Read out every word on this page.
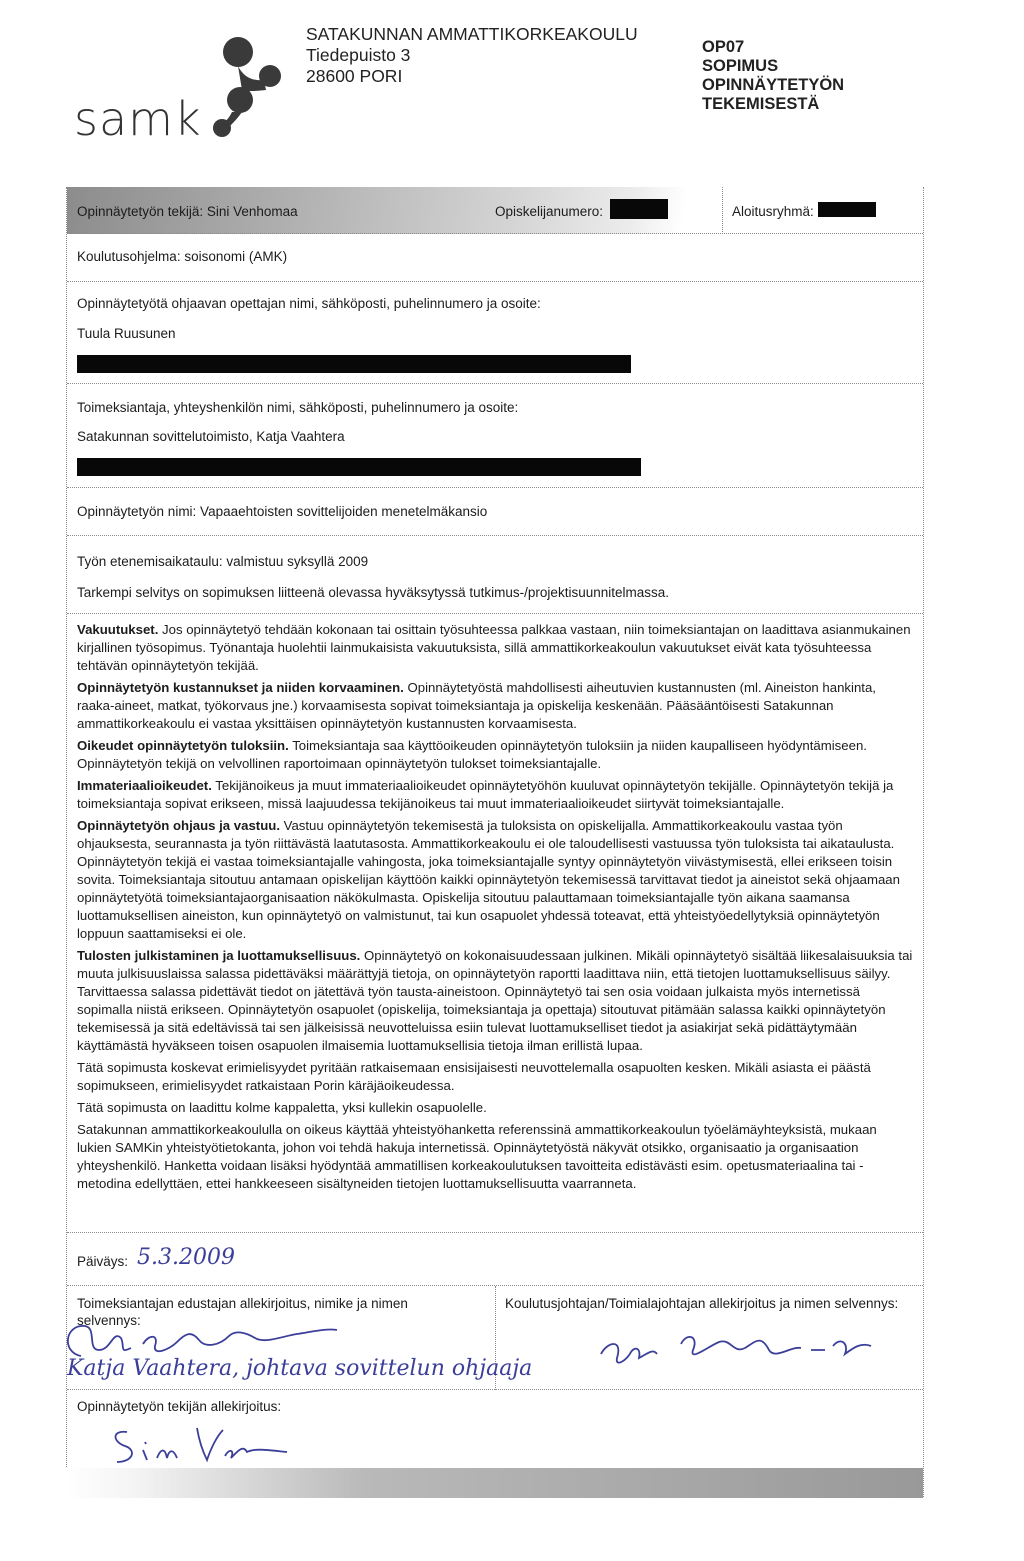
samk
SATAKUNNAN AMMATTIKORKEAKOULU
Tiedepuisto 3
28600 PORI
OP07
SOPIMUS
OPINNÄYTETYÖN
TEKEMISESTÄ
Opinnäytetyön tekijä: Sini Venhomaa	Opiskelijanumero:	Aloitusryhmä:
Koulutusohjelma: soisonomi (AMK)
Opinnäytetyötä ohjaavan opettajan nimi, sähköposti, puhelinnumero ja osoite:
Tuula Ruusunen
Toimeksiantaja, yhteyshenkilön nimi, sähköposti, puhelinnumero ja osoite:
Satakunnan sovittelutoimisto, Katja Vaahtera
Opinnäytetyön nimi: Vapaaehtoisten sovittelijoiden menetelmäkansio
Työn etenemisaikataulu: valmistuu syksyllä 2009
Tarkempi selvitys on sopimuksen liitteenä olevassa hyväksytyssä tutkimus-/projektisuunnitelmassa.

Vakuutukset. Jos opinnäytetyö tehdään kokonaan tai osittain työsuhteessa palkkaa vastaan, niin toimeksiantajan on laadittava asianmukainen kirjallinen työsopimus. Työnantaja huolehtii lainmukaisista vakuutuksista, sillä ammattikorkeakoulun vakuutukset eivät kata työsuhteessa tehtävän opinnäytetyön tekijää.

Opinnäytetyön kustannukset ja niiden korvaaminen. Opinnäytetyöstä mahdollisesti aiheutuvien kustannusten (ml. Aineiston hankinta, raaka-aineet, matkat, työkorvaus jne.) korvaamisesta sopivat toimeksiantaja ja opiskelija keskenään. Pääsääntöisesti Satakunnan ammattikorkeakoulu ei vastaa yksittäisen opinnäytetyön kustannusten korvaamisesta.

Oikeudet opinnäytetyön tuloksiin. Toimeksiantaja saa käyttöoikeuden opinnäytetyön tuloksiin ja niiden kaupalliseen hyödyntämiseen. Opinnäytetyön tekijä on velvollinen raportoimaan opinnäytetyön tulokset toimeksiantajalle.

Immateriaalioikeudet. Tekijänoikeus ja muut immateriaalioikeudet opinnäytetyöhön kuuluvat opinnäytetyön tekijälle. Opinnäytetyön tekijä ja toimeksiantaja sopivat erikseen, missä laajuudessa tekijänoikeus tai muut immateriaalioikeudet siirtyvät toimeksiantajalle.

Opinnäytetyön ohjaus ja vastuu. Vastuu opinnäytetyön tekemisestä ja tuloksista on opiskelijalla. Ammattikorkeakoulu vastaa työn ohjauksesta, seurannasta ja työn riittävästä laatutasosta. Ammattikorkeakoulu ei ole taloudellisesti vastuussa työn tuloksista tai aikataulusta. Opinnäytetyön tekijä ei vastaa toimeksiantajalle vahingosta, joka toimeksiantajalle syntyy opinnäytetyön viivästymisestä, ellei erikseen toisin sovita. Toimeksiantaja sitoutuu antamaan opiskelijan käyttöön kaikki opinnäytetyön tekemisessä tarvittavat tiedot ja aineistot sekä ohjaamaan opinnäytetyötä toimeksiantajaorganisaation näkökulmasta. Opiskelija sitoutuu palauttamaan toimeksiantajalle työn aikana saamansa luottamuksellisen aineiston, kun opinnäytetyö on valmistunut, tai kun osapuolet yhdessä toteavat, että yhteistyöedellytyksiä opinnäytetyön loppuun saattamiseksi ei ole.

Tulosten julkistaminen ja luottamuksellisuus. Opinnäytetyö on kokonaisuudessaan julkinen. Mikäli opinnäytetyö sisältää liikesalaisuuksia tai muuta julkisuuslaissa salassa pidettäväksi määrättyjä tietoja, on opinnäytetyön raportti laadittava niin, että tietojen luottamuksellisuus säilyy. Tarvittaessa salassa pidettävät tiedot on jätettävä työn tausta-aineistoon. Opinnäytetyö tai sen osia voidaan julkaista myös internetissä sopimalla niistä erikseen. Opinnäytetyön osapuolet (opiskelija, toimeksiantaja ja opettaja) sitoutuvat pitämään salassa kaikki opinnäytetyön tekemisessä ja sitä edeltävissä tai sen jälkeisissä neuvotteluissa esiin tulevat luottamukselliset tiedot ja asiakirjat sekä pidättäytymään käyttämästä hyväkseen toisen osapuolen ilmaisemia luottamuksellisia tietoja ilman erillistä lupaa.

Tätä sopimusta koskevat erimielisyydet pyritään ratkaisemaan ensisijaisesti neuvottelemalla osapuolten kesken. Mikäli asiasta ei päästä sopimukseen, erimielisyydet ratkaistaan Porin käräjäoikeudessa.

Tätä sopimusta on laadittu kolme kappaletta, yksi kullekin osapuolelle.

Satakunnan ammattikorkeakoululla on oikeus käyttää yhteistyöhanketta referenssinä ammattikorkeakoulun työelämäyhteyksistä, mukaan lukien SAMKin yhteistyötietokanta, johon voi tehdä hakuja internetissä. Opinnäytetyöstä näkyvät otsikko, organisaatio ja organisaation yhteyshenkilö. Hanketta voidaan lisäksi hyödyntää ammatillisen korkeakoulutuksen tavoitteita edistävästi esim. opetusmateriaalina tai -metodina edellyttäen, ettei hankkeeseen sisältyneiden tietojen luottamuksellisuutta vaarranneta.

Päiväys: 5.3.2009
Toimeksiantajan edustajan allekirjoitus, nimike ja nimen selvennys:
Koulutusjohtajan/Toimialajohtajan allekirjoitus ja nimen selvennys:
Katja Vaahtera, johtava sovittelun ohjaaja
Opinnäytetyön tekijän allekirjoitus:
